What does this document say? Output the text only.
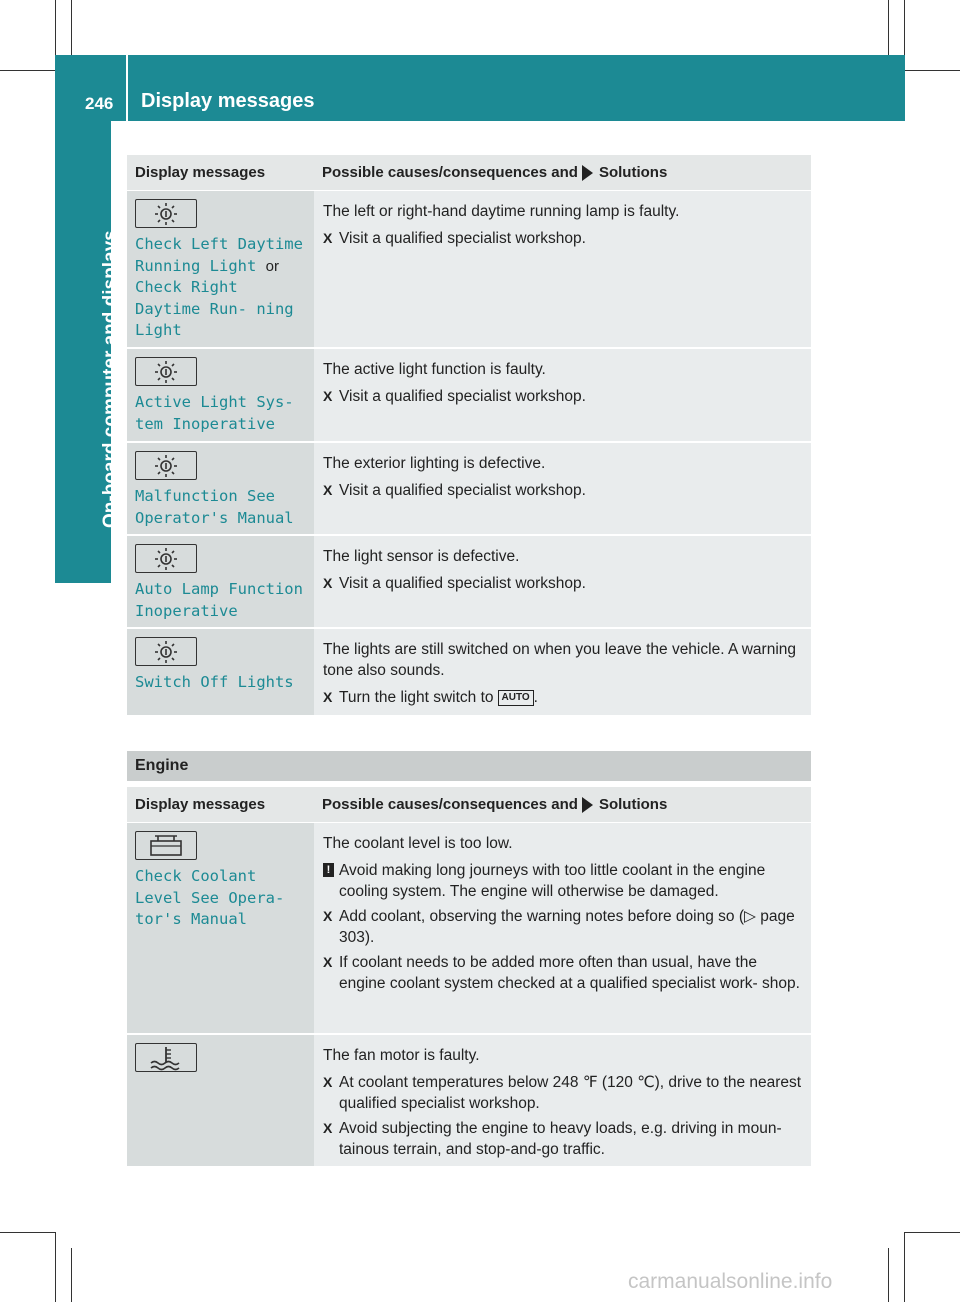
246 Display messages
On-board computer and displays
Display messages	Possible causes/consequences and Solutions
Check Left Daytime Running Light or Check Right Daytime Run‐ ning Light
The left or right-hand daytime running lamp is faulty.
X Visit a qualified specialist workshop.
Active Light Sys‐ tem Inoperative
The active light function is faulty.
X Visit a qualified specialist workshop.
Malfunction See Operator's Manual
The exterior lighting is defective.
X Visit a qualified specialist workshop.
Auto Lamp Function Inoperative
The light sensor is defective.
X Visit a qualified specialist workshop.
Switch Off Lights
The lights are still switched on when you leave the vehicle. A warning tone also sounds.
X Turn the light switch to AUTO .
Engine
Display messages	Possible causes/consequences and Solutions
Check Coolant Level See Opera‐ tor's Manual
The coolant level is too low.
! Avoid making long journeys with too little coolant in the engine cooling system. The engine will otherwise be damaged.
X Add coolant, observing the warning notes before doing so (▷ page 303).
X If coolant needs to be added more often than usual, have the engine coolant system checked at a qualified specialist work‐ shop.
The fan motor is faulty.
X At coolant temperatures below 248 ℉ (120 ℃), drive to the nearest qualified specialist workshop.
X Avoid subjecting the engine to heavy loads, e.g. driving in moun‐ tainous terrain, and stop-and-go traffic.
carmanualsonline.info
